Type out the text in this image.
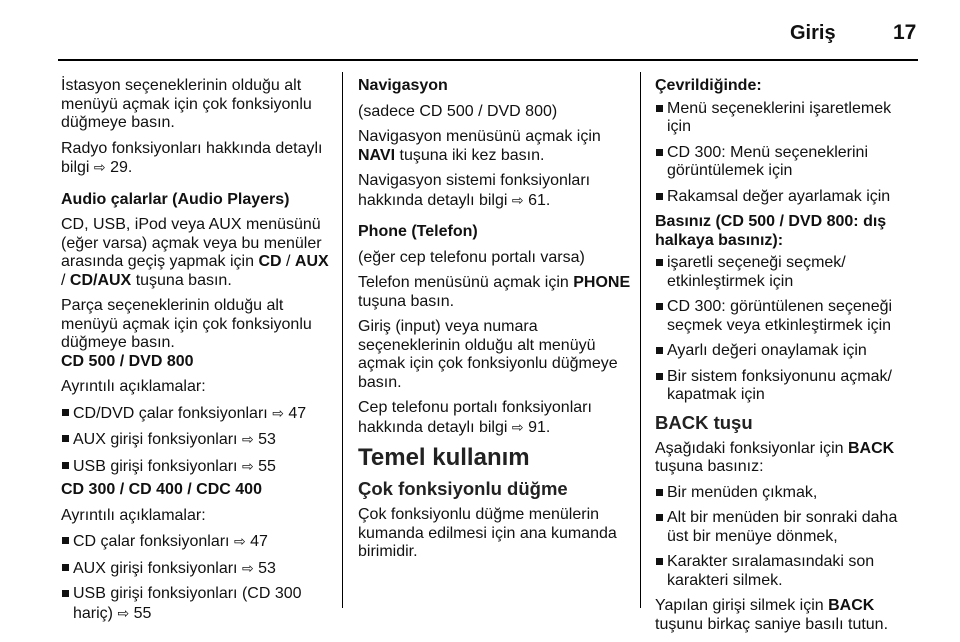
Giriş	17

İstasyon seçeneklerinin olduğu alt menüyü açmak için çok fonksiyonlu düğmeye basın.

Radyo fonksiyonları hakkında detaylı bilgi ⇨ 29.

Audio çalarlar (Audio Players)

CD, USB, iPod veya AUX menüsünü (eğer varsa) açmak veya bu menüler arasında geçiş yapmak için CD / AUX / CD/AUX tuşuna basın.

Parça seçeneklerinin olduğu alt menüyü açmak için çok fonksiyonlu düğmeye basın.

CD 500 / DVD 800

Ayrıntılı açıklamalar:

CD/DVD çalar fonksiyonları ⇨ 47
AUX girişi fonksiyonları ⇨ 53
USB girişi fonksiyonları ⇨ 55

CD 300 / CD 400 / CDC 400

Ayrıntılı açıklamalar:

CD çalar fonksiyonları ⇨ 47
AUX girişi fonksiyonları ⇨ 53
USB girişi fonksiyonları (CD 300 hariç) ⇨ 55

Navigasyon

(sadece CD 500 / DVD 800)

Navigasyon menüsünü açmak için NAVI tuşuna iki kez basın.

Navigasyon sistemi fonksiyonları hakkında detaylı bilgi ⇨ 61.

Phone (Telefon)

(eğer cep telefonu portalı varsa)

Telefon menüsünü açmak için PHONE tuşuna basın.

Giriş (input) veya numara seçeneklerinin olduğu alt menüyü açmak için çok fonksiyonlu düğmeye basın.

Cep telefonu portalı fonksiyonları hakkında detaylı bilgi ⇨ 91.

Temel kullanım

Çok fonksiyonlu düğme

Çok fonksiyonlu düğme menülerin kumanda edilmesi için ana kumanda birimidir.

Çevrildiğinde:

Menü seçeneklerini işaretlemek için
CD 300: Menü seçeneklerini görüntülemek için
Rakamsal değer ayarlamak için

Basınız (CD 500 / DVD 800: dış halkaya basınız):

işaretli seçeneği seçmek/ etkinleştirmek için
CD 300: görüntülenen seçeneği seçmek veya etkinleştirmek için
Ayarlı değeri onaylamak için
Bir sistem fonksiyonunu açmak/ kapatmak için

BACK tuşu

Aşağıdaki fonksiyonlar için BACK tuşuna basınız:

Bir menüden çıkmak,
Alt bir menüden bir sonraki daha üst bir menüye dönmek,
Karakter sıralamasındaki son karakteri silmek.

Yapılan girişi silmek için BACK tuşunu birkaç saniye basılı tutun.
